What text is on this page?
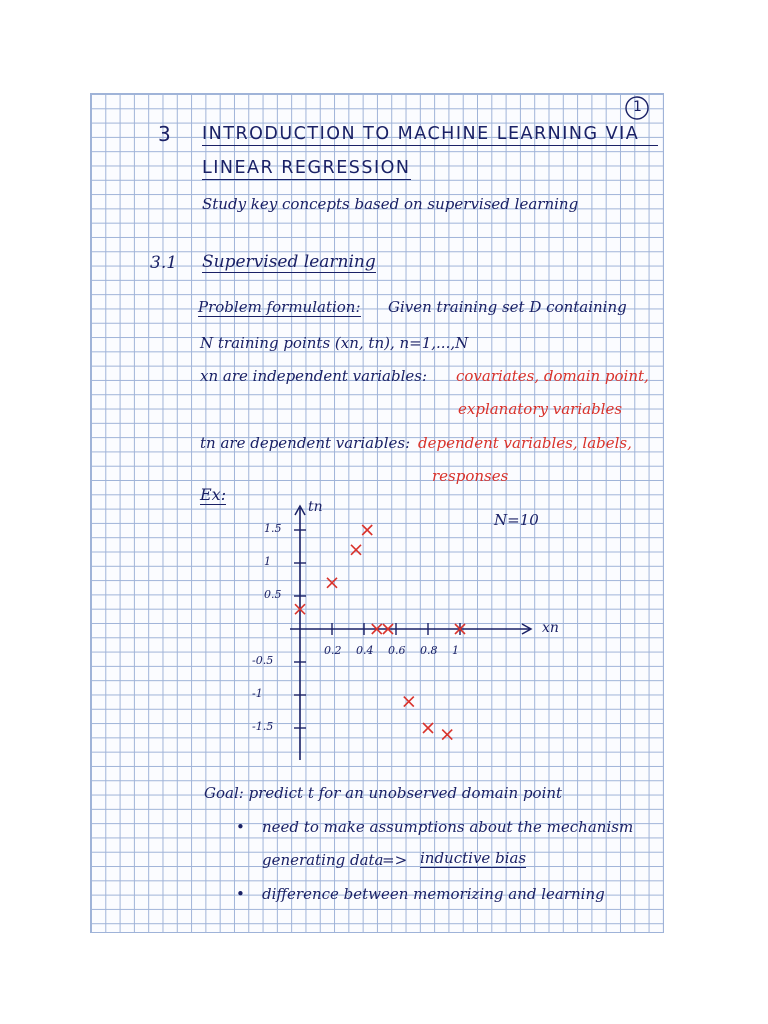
1
3 INTRODUCTION TO MACHINE LEARNING VIA
LINEAR REGRESSION
Study key concepts based on supervised learning
3.1 Supervised learning
Problem formulation: Given training set D containing
N training points (xn, tn), n=1,...,N
xn are independent variables: covariates, domain point,
explanatory variables
tn are dependent variables: dependent variables, labels,
responses
Ex:
N=10
xn
tn
0.2 0.4 0.6 0.8 1
1.5
1
0.5
-0.5
-1
-1.5
Goal: predict t for an unobserved domain point
• need to make assumptions about the mechanism
generating data
=> inductive bias
• difference between memorizing and learning
